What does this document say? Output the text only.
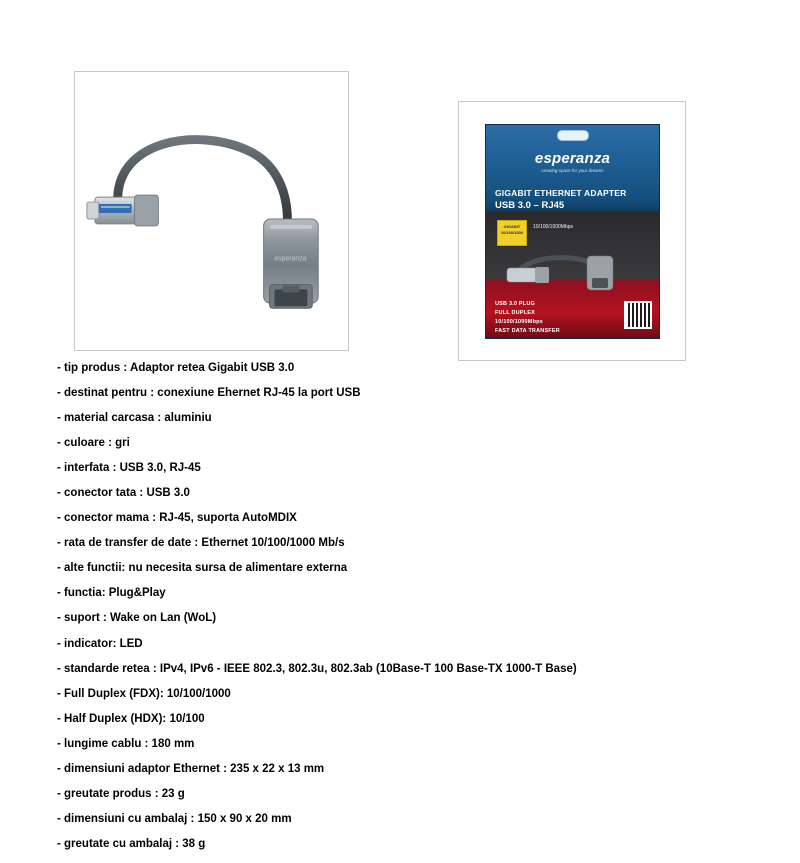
esperanza
esperanza
creating space for your dreams
GIGABIT ETHERNET ADAPTER
USB 3.0 – RJ45
GIGABIT 10/100/1000
10/100/1000Mbps
USB 3.0 PLUG
FULL DUPLEX
10/100/1000Mbps
FAST DATA TRANSFER

- tip produs : Adaptor retea Gigabit USB 3.0

- destinat pentru : conexiune Ehernet RJ-45 la port USB

- material carcasa : aluminiu

- culoare : gri

- interfata : USB 3.0, RJ-45

- conector tata : USB 3.0

- conector mama : RJ-45, suporta AutoMDIX

- rata de transfer de date : Ethernet 10/100/1000 Mb/s

- alte functii: nu necesita sursa de alimentare externa

- functia: Plug&Play

- suport : Wake on Lan (WoL)

- indicator: LED

- standarde retea : IPv4, IPv6 - IEEE 802.3, 802.3u, 802.3ab (10Base-T 100 Base-TX 1000-T Base)

- Full Duplex (FDX): 10/100/1000

- Half Duplex (HDX): 10/100

- lungime cablu : 180 mm

- dimensiuni adaptor Ethernet : 235 x 22 x 13 mm

- greutate produs : 23 g

- dimensiuni cu ambalaj : 150 x 90 x 20 mm

- greutate cu ambalaj : 38 g
